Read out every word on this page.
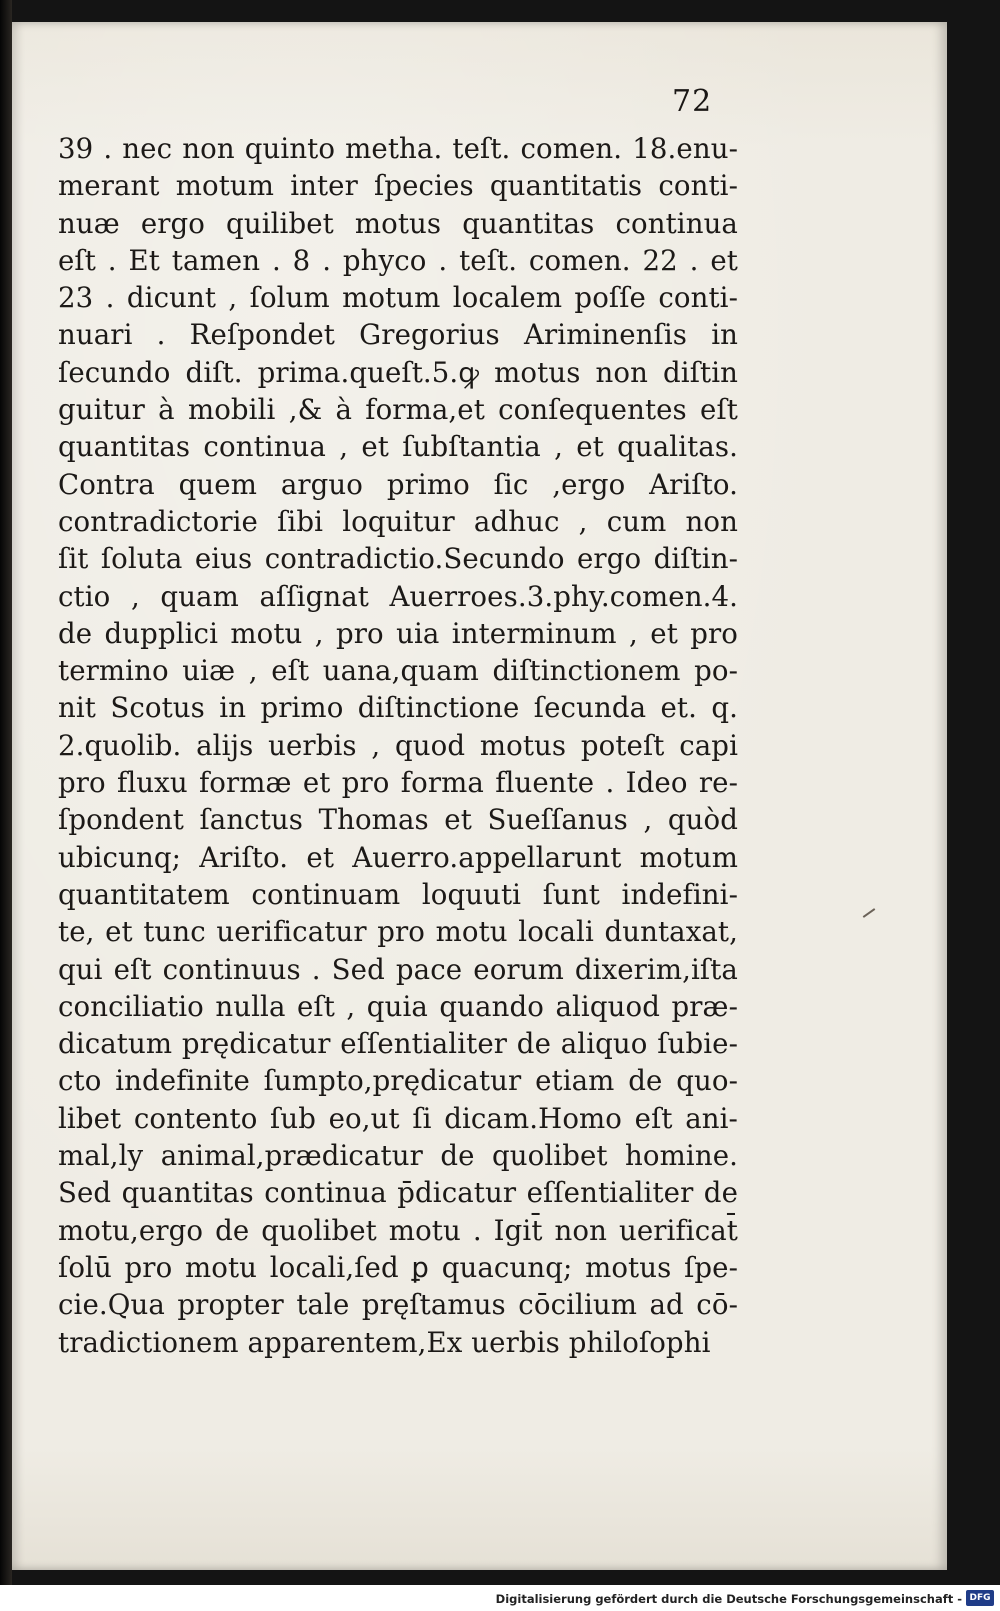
72
39 . nec non quinto metha. teſt. comen. 18.enu-
merant motum inter ſpecies quantitatis conti-
nuæ ergo quilibet motus quantitas continua
eſt . Et tamen . 8 . phyco . teſt. comen. 22 . et
23 . dicunt , ſolum motum localem poſſe conti-
nuari . Reſpondet Gregorius Ariminenſis in
ſecundo diſt. prima.queſt.5.ꝙ motus non diſtin
guitur à mobili ,& à forma,et conſequentes eſt
quantitas continua , et ſubſtantia , et qualitas.
Contra quem arguo primo ſic ,ergo Ariſto.
contradictorie ſibi loquitur adhuc , cum non
ſit ſoluta eius contradictio.Secundo ergo diſtin-
ctio , quam aſſignat Auerroes.3.phy.comen.4.
de dupplici motu , pro uia interminum , et pro
termino uiæ , eſt uana,quam diſtinctionem po-
nit Scotus in primo diſtinctione ſecunda et. q.
2.quolib. alijs uerbis , quod motus poteſt capi
pro fluxu formæ et pro forma fluente . Ideo re-
ſpondent ſanctus Thomas et Sueſſanus , quòd
ubicunq; Ariſto. et Auerro.appellarunt motum
quantitatem continuam loquuti ſunt indefini-
te, et tunc uerificatur pro motu locali duntaxat,
qui eſt continuus . Sed pace eorum dixerim,iſta
conciliatio nulla eſt , quia quando aliquod præ-
dicatum prędicatur eſſentialiter de aliquo ſubie-
cto indefinite ſumpto,prędicatur etiam de quo-
libet contento ſub eo,ut ſi dicam.Homo eſt ani-
mal,ly animal,prædicatur de quolibet homine.
Sed quantitas continua p̄dicatur eſſentialiter de
motu,ergo de quolibet motu . Igit̄ non uerificat̄
ſolū pro motu locali,ſed ꝑ quacunq; motus ſpe-
cie.Qua propter tale pręſtamus cōcilium ad cō-
tradictionem apparentem,Ex uerbis philoſophi
Digitalisierung gefördert durch die Deutsche Forschungsgemeinschaft - DFG
